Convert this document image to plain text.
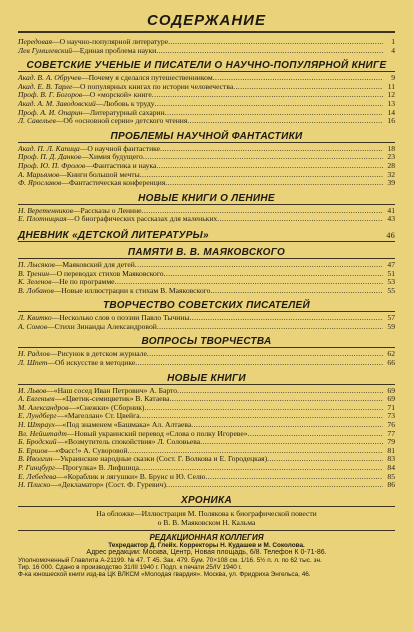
СОДЕРЖАНИЕ
Передовая —О научно-популярной литературе .....	1
Лев Гумилевский —Единая проблема науки .....	4
СОВЕТСКИЕ УЧЕНЫЕ И ПИСАТЕЛИ О НАУЧНО-ПОПУЛЯРНОЙ КНИГЕ
Акад. В. А. Обручев —Почему я сделался путешественником .....	9
Акад. Е. В. Тарле —О популярных книгах по истории человечества .....	11
Проф. В. Г. Богоров —О «морской» книге .....	12
Акад. А. М. Заводовский —Любовь к труду .....	13
Проф. А. И. Опарин —Литературный сахарин .....	14
Л. Савельев —Об «основной серии» детского чтения .....	16
ПРОБЛЕМЫ НАУЧНОЙ ФАНТАСТИКИ
Акад. П. Л. Капица —О научной фантастике .....	18
Проф. П. Д. Данков —Химия будущего .....	23
Проф. Ю. П. Фролов —Фантастика и наука .....	28
А. Марьямов —Книги большой мечты .....	32
Ф. Ярославов —Фантастическая конференция .....	39
НОВЫЕ КНИГИ О ЛЕНИНЕ
Н. Веретенников —Рассказы о Ленине .....	41
Е. Плотницкая —О биографических рассказах для маленьких .....	43
ДНЕВНИК «ДЕТСКОЙ ЛИТЕРАТУРЫ»	46
ПАМЯТИ В. В. МАЯКОВСКОГО
П. Лысяков —Маяковский для детей .....	47
В. Тренин —О переводах стихов Маяковского .....	51
К. Зеленов —Не по программе .....	53
В. Лобанов —Новые иллюстрации к стихам В. Маяковского .....	55
ТВОРЧЕСТВО СОВЕТСКИХ ПИСАТЕЛЕЙ
Л. Квитко —Несколько слов о поэзии Павло Тычины .....	57
А. Сомов —Стихи Зинаиды Александровой .....	59
ВОПРОСЫ ТВОРЧЕСТВА
Н. Радлов —Рисунок в детском журнале .....	62
Л. Шпет —Об искусстве в методике .....	66
НОВЫЕ КНИГИ
И. Львов —«Наш сосед Иван Петрович» А. Барто .....	69
А. Евгеньев —«Цветик-семицветик» В. Катаева .....	69
М. Александров —«Снежки» (Сборник) .....	71
Е. Лундберг —«Магеллан» Ст. Цвейга .....	73
Н. Штраух —«Под знаменем «Башмака» Ал. Алтаева .....	76
Вл. Нейштадт —Новый украинский перевод «Слова о полку Игореве» .....	77
Б. Бродский —«Возмутитель спокойствия» Л. Соловьева .....	79
Б. Ершов —«Фасс!» А. Суворовой .....	81
В. Иволгин —Украинские народные сказки (Сост. Г. Волкова и Е. Городецкая) .....	83
Р. Гинцбург —Прогулка» В. Лифшица .....	84
Е. Лебедева —«Кораблик и лягушки» В. Брунс и Ю. Селю .....	85
Н. Плиско —«Декламатор» (Сост. Ф. Гуревич) .....	86
ХРОНИКА
На обложке—Иллюстрация М. Полякова к биографической повести
о В. В. Маяковском Н. Кальма
РЕДАКЦИОННАЯ КОЛЛЕГИЯ
Техредактор Д. Глейх. Корректоры Н. Кудашев и М. Соколова.
Адрес редакции: Москва, Центр, Новая площадь, 6/8. Телефон К 0-71-86.
Уполномоченный Главлита А-21199. № 47. Т 45. Зак. 479. Бум. 70×108 см. 1/16. 5½ п. л. по 62 тыс. зн.
Тир. 16 000. Сдано в производство 31/III 1940 г. Подп. к печати 25/IV 1940 г.
Ф-ка юношеской книги изд-ва ЦК ВЛКСМ «Молодая гвардия». Москва, ул. Фридриха Энгельса, 46.
